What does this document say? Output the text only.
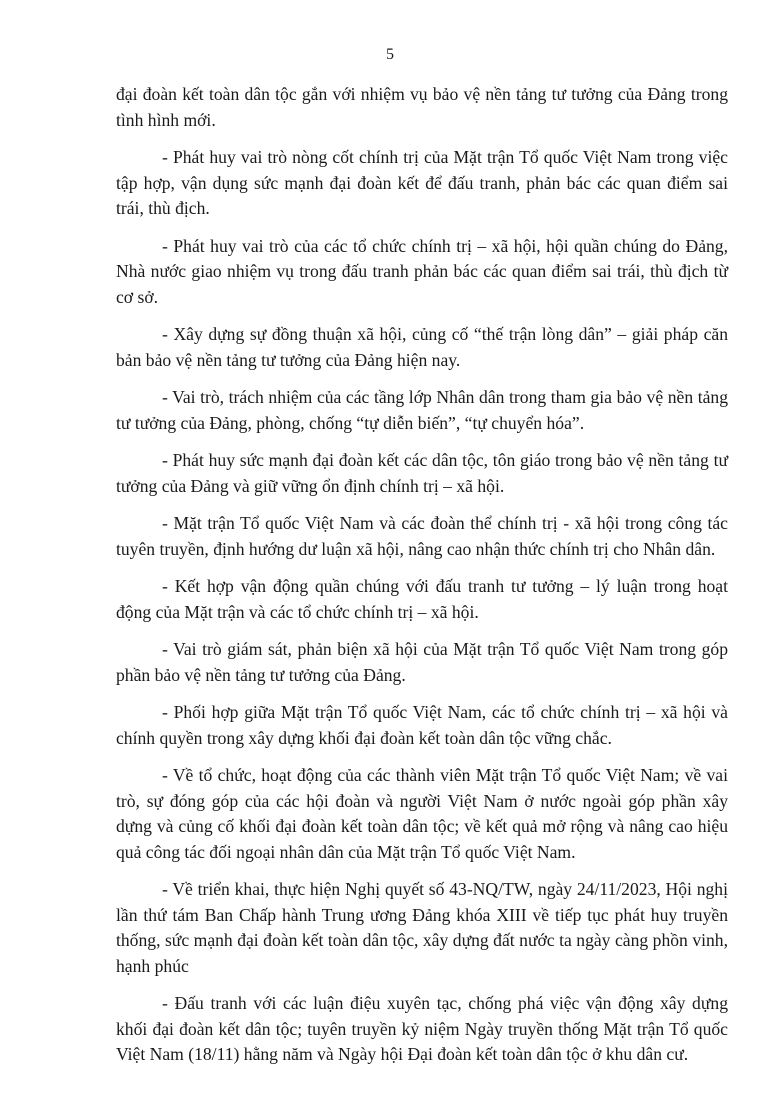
5

đại đoàn kết toàn dân tộc gắn với nhiệm vụ bảo vệ nền tảng tư tưởng của Đảng trong tình hình mới.

- Phát huy vai trò nòng cốt chính trị của Mặt trận Tổ quốc Việt Nam trong việc tập hợp, vận dụng sức mạnh đại đoàn kết để đấu tranh, phản bác các quan điểm sai trái, thù địch.

- Phát huy vai trò của các tổ chức chính trị – xã hội, hội quần chúng do Đảng, Nhà nước giao nhiệm vụ trong đấu tranh phản bác các quan điểm sai trái, thù địch từ cơ sở.

- Xây dựng sự đồng thuận xã hội, củng cố “thế trận lòng dân” – giải pháp căn bản bảo vệ nền tảng tư tưởng của Đảng hiện nay.

- Vai trò, trách nhiệm của các tầng lớp Nhân dân trong tham gia bảo vệ nền tảng tư tưởng của Đảng, phòng, chống “tự diễn biến”, “tự chuyển hóa”.

- Phát huy sức mạnh đại đoàn kết các dân tộc, tôn giáo trong bảo vệ nền tảng tư tưởng của Đảng và giữ vững ổn định chính trị – xã hội.

- Mặt trận Tổ quốc Việt Nam và các đoàn thể chính trị - xã hội trong công tác tuyên truyền, định hướng dư luận xã hội, nâng cao nhận thức chính trị cho Nhân dân.

- Kết hợp vận động quần chúng với đấu tranh tư tưởng – lý luận trong hoạt động của Mặt trận và các tổ chức chính trị – xã hội.

- Vai trò giám sát, phản biện xã hội của Mặt trận Tổ quốc Việt Nam trong góp phần bảo vệ nền tảng tư tưởng của Đảng.

- Phối hợp giữa Mặt trận Tổ quốc Việt Nam, các tổ chức chính trị – xã hội và chính quyền trong xây dựng khối đại đoàn kết toàn dân tộc vững chắc.

- Về tổ chức, hoạt động của các thành viên Mặt trận Tổ quốc Việt Nam; về vai trò, sự đóng góp của các hội đoàn và người Việt Nam ở nước ngoài góp phần xây dựng và củng cố khối đại đoàn kết toàn dân tộc; về kết quả mở rộng và nâng cao hiệu quả công tác đối ngoại nhân dân của Mặt trận Tổ quốc Việt Nam.

- Về triển khai, thực hiện Nghị quyết số 43-NQ/TW, ngày 24/11/2023, Hội nghị lần thứ tám Ban Chấp hành Trung ương Đảng khóa XIII về tiếp tục phát huy truyền thống, sức mạnh đại đoàn kết toàn dân tộc, xây dựng đất nước ta ngày càng phồn vinh, hạnh phúc

- Đấu tranh với các luận điệu xuyên tạc, chống phá việc vận động xây dựng khối đại đoàn kết dân tộc; tuyên truyền kỷ niệm Ngày truyền thống Mặt trận Tổ quốc Việt Nam (18/11) hằng năm và Ngày hội Đại đoàn kết toàn dân tộc ở khu dân cư.
